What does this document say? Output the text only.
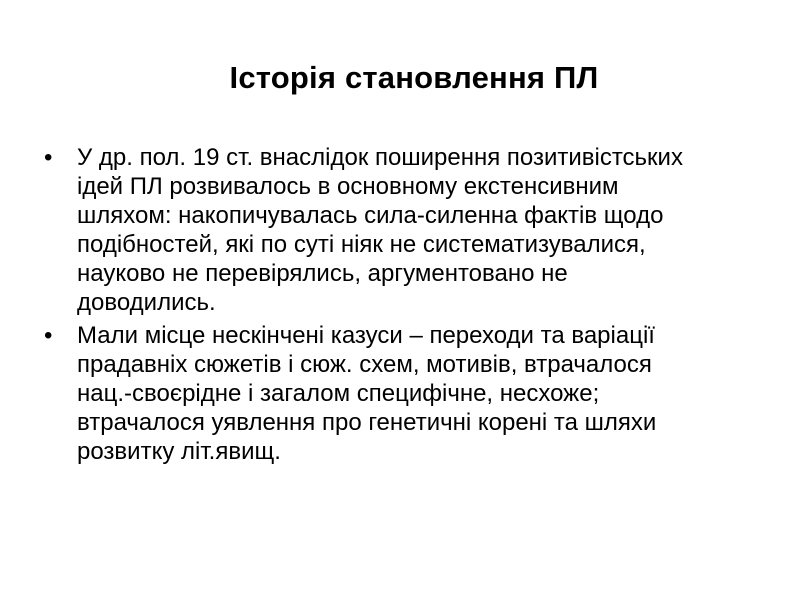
Історія становлення ПЛ
•	У др. пол. 19 ст. внаслідок поширення позитивістських
ідей ПЛ розвивалось в основному екстенсивним
шляхом: накопичувалась сила-силенна фактів щодо
подібностей, які по суті ніяк не систематизувалися,
науково не перевірялись, аргументовано не
доводились.
•	Мали місце нескінчені казуси – переходи та варіації
прадавніх сюжетів і сюж. схем, мотивів, втрачалося
нац.-своєрідне і загалом специфічне, несхоже;
втрачалося уявлення про генетичні корені та шляхи
розвитку літ.явищ.
